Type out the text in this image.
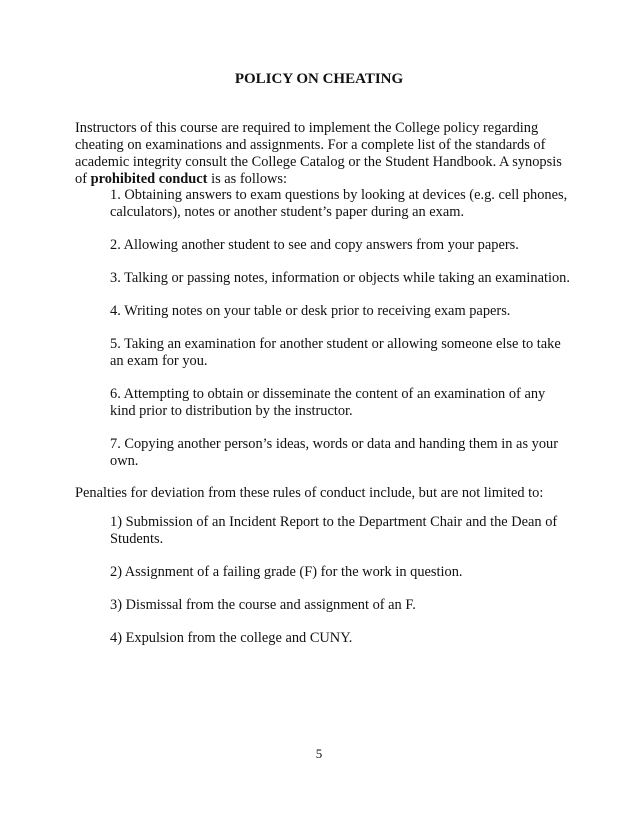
POLICY ON CHEATING

Instructors of this course are required to implement the College policy regarding cheating on examinations and assignments. For a complete list of the standards of academic integrity consult the College Catalog or the Student Handbook. A synopsis of prohibited conduct is as follows:

1. Obtaining answers to exam questions by looking at devices (e.g. cell phones, calculators), notes or another student’s paper during an exam.
2. Allowing another student to see and copy answers from your papers.
3. Talking or passing notes, information or objects while taking an examination.
4. Writing notes on your table or desk prior to receiving exam papers.
5. Taking an examination for another student or allowing someone else to take an exam for you.
6. Attempting to obtain or disseminate the content of an examination of any kind prior to distribution by the instructor.
7. Copying another person’s ideas, words or data and handing them in as your own.

Penalties for deviation from these rules of conduct include, but are not limited to:

1) Submission of an Incident Report to the Department Chair and the Dean of Students.
2) Assignment of a failing grade (F) for the work in question.
3) Dismissal from the course and assignment of an F.
4) Expulsion from the college and CUNY.
5
